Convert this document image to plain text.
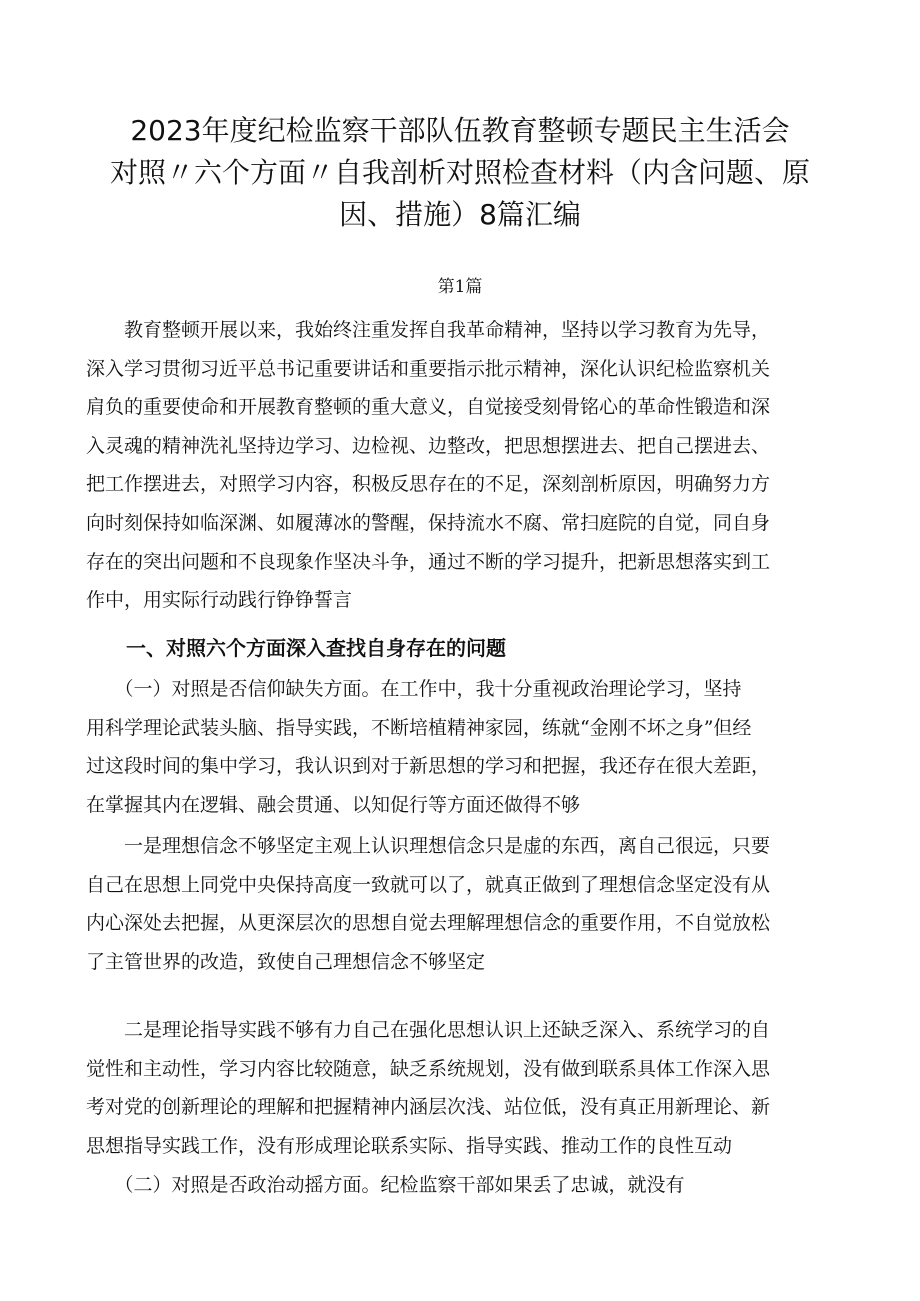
2023年度纪检监察干部队伍教育整顿专题民主生活会
对照〃六个方面〃自我剖析对照检查材料（内含问题、原
因、措施）8篇汇编
第1篇

　　教育整顿开展以来，我始终注重发挥自我革命精神，坚持以学习教育为先导，
深入学习贯彻习近平总书记重要讲话和重要指示批示精神，深化认识纪检监察机关
肩负的重要使命和开展教育整顿的重大意义，自觉接受刻骨铭心的革命性锻造和深
入灵魂的精神洗礼坚持边学习、边检视、边整改，把思想摆进去、把自己摆进去、
把工作摆进去，对照学习内容，积极反思存在的不足，深刻剖析原因，明确努力方
向时刻保持如临深渊、如履薄冰的警醒，保持流水不腐、常扫庭院的自觉，同自身
存在的突出问题和不良现象作坚决斗争，通过不断的学习提升，把新思想落实到工
作中，用实际行动践行铮铮誓言

一、对照六个方面深入查找自身存在的问题

　　（一）对照是否信仰缺失方面。在工作中，我十分重视政治理论学习，坚持
用科学理论武装头脑、指导实践，不断培植精神家园，练就“金刚不坏之身”但经
过这段时间的集中学习，我认识到对于新思想的学习和把握，我还存在很大差距，
在掌握其内在逻辑、融会贯通、以知促行等方面还做得不够

　　一是理想信念不够坚定主观上认识理想信念只是虚的东西，离自己很远，只要
自己在思想上同党中央保持高度一致就可以了，就真正做到了理想信念坚定没有从
内心深处去把握，从更深层次的思想自觉去理解理想信念的重要作用，不自觉放松
了主管世界的改造，致使自己理想信念不够坚定

　　二是理论指导实践不够有力自己在强化思想认识上还缺乏深入、系统学习的自
觉性和主动性，学习内容比较随意，缺乏系统规划，没有做到联系具体工作深入思
考对党的创新理论的理解和把握精神内涵层次浅、站位低，没有真正用新理论、新
思想指导实践工作，没有形成理论联系实际、指导实践、推动工作的良性互动

　　（二）对照是否政治动摇方面。纪检监察干部如果丢了忠诚，就没有
